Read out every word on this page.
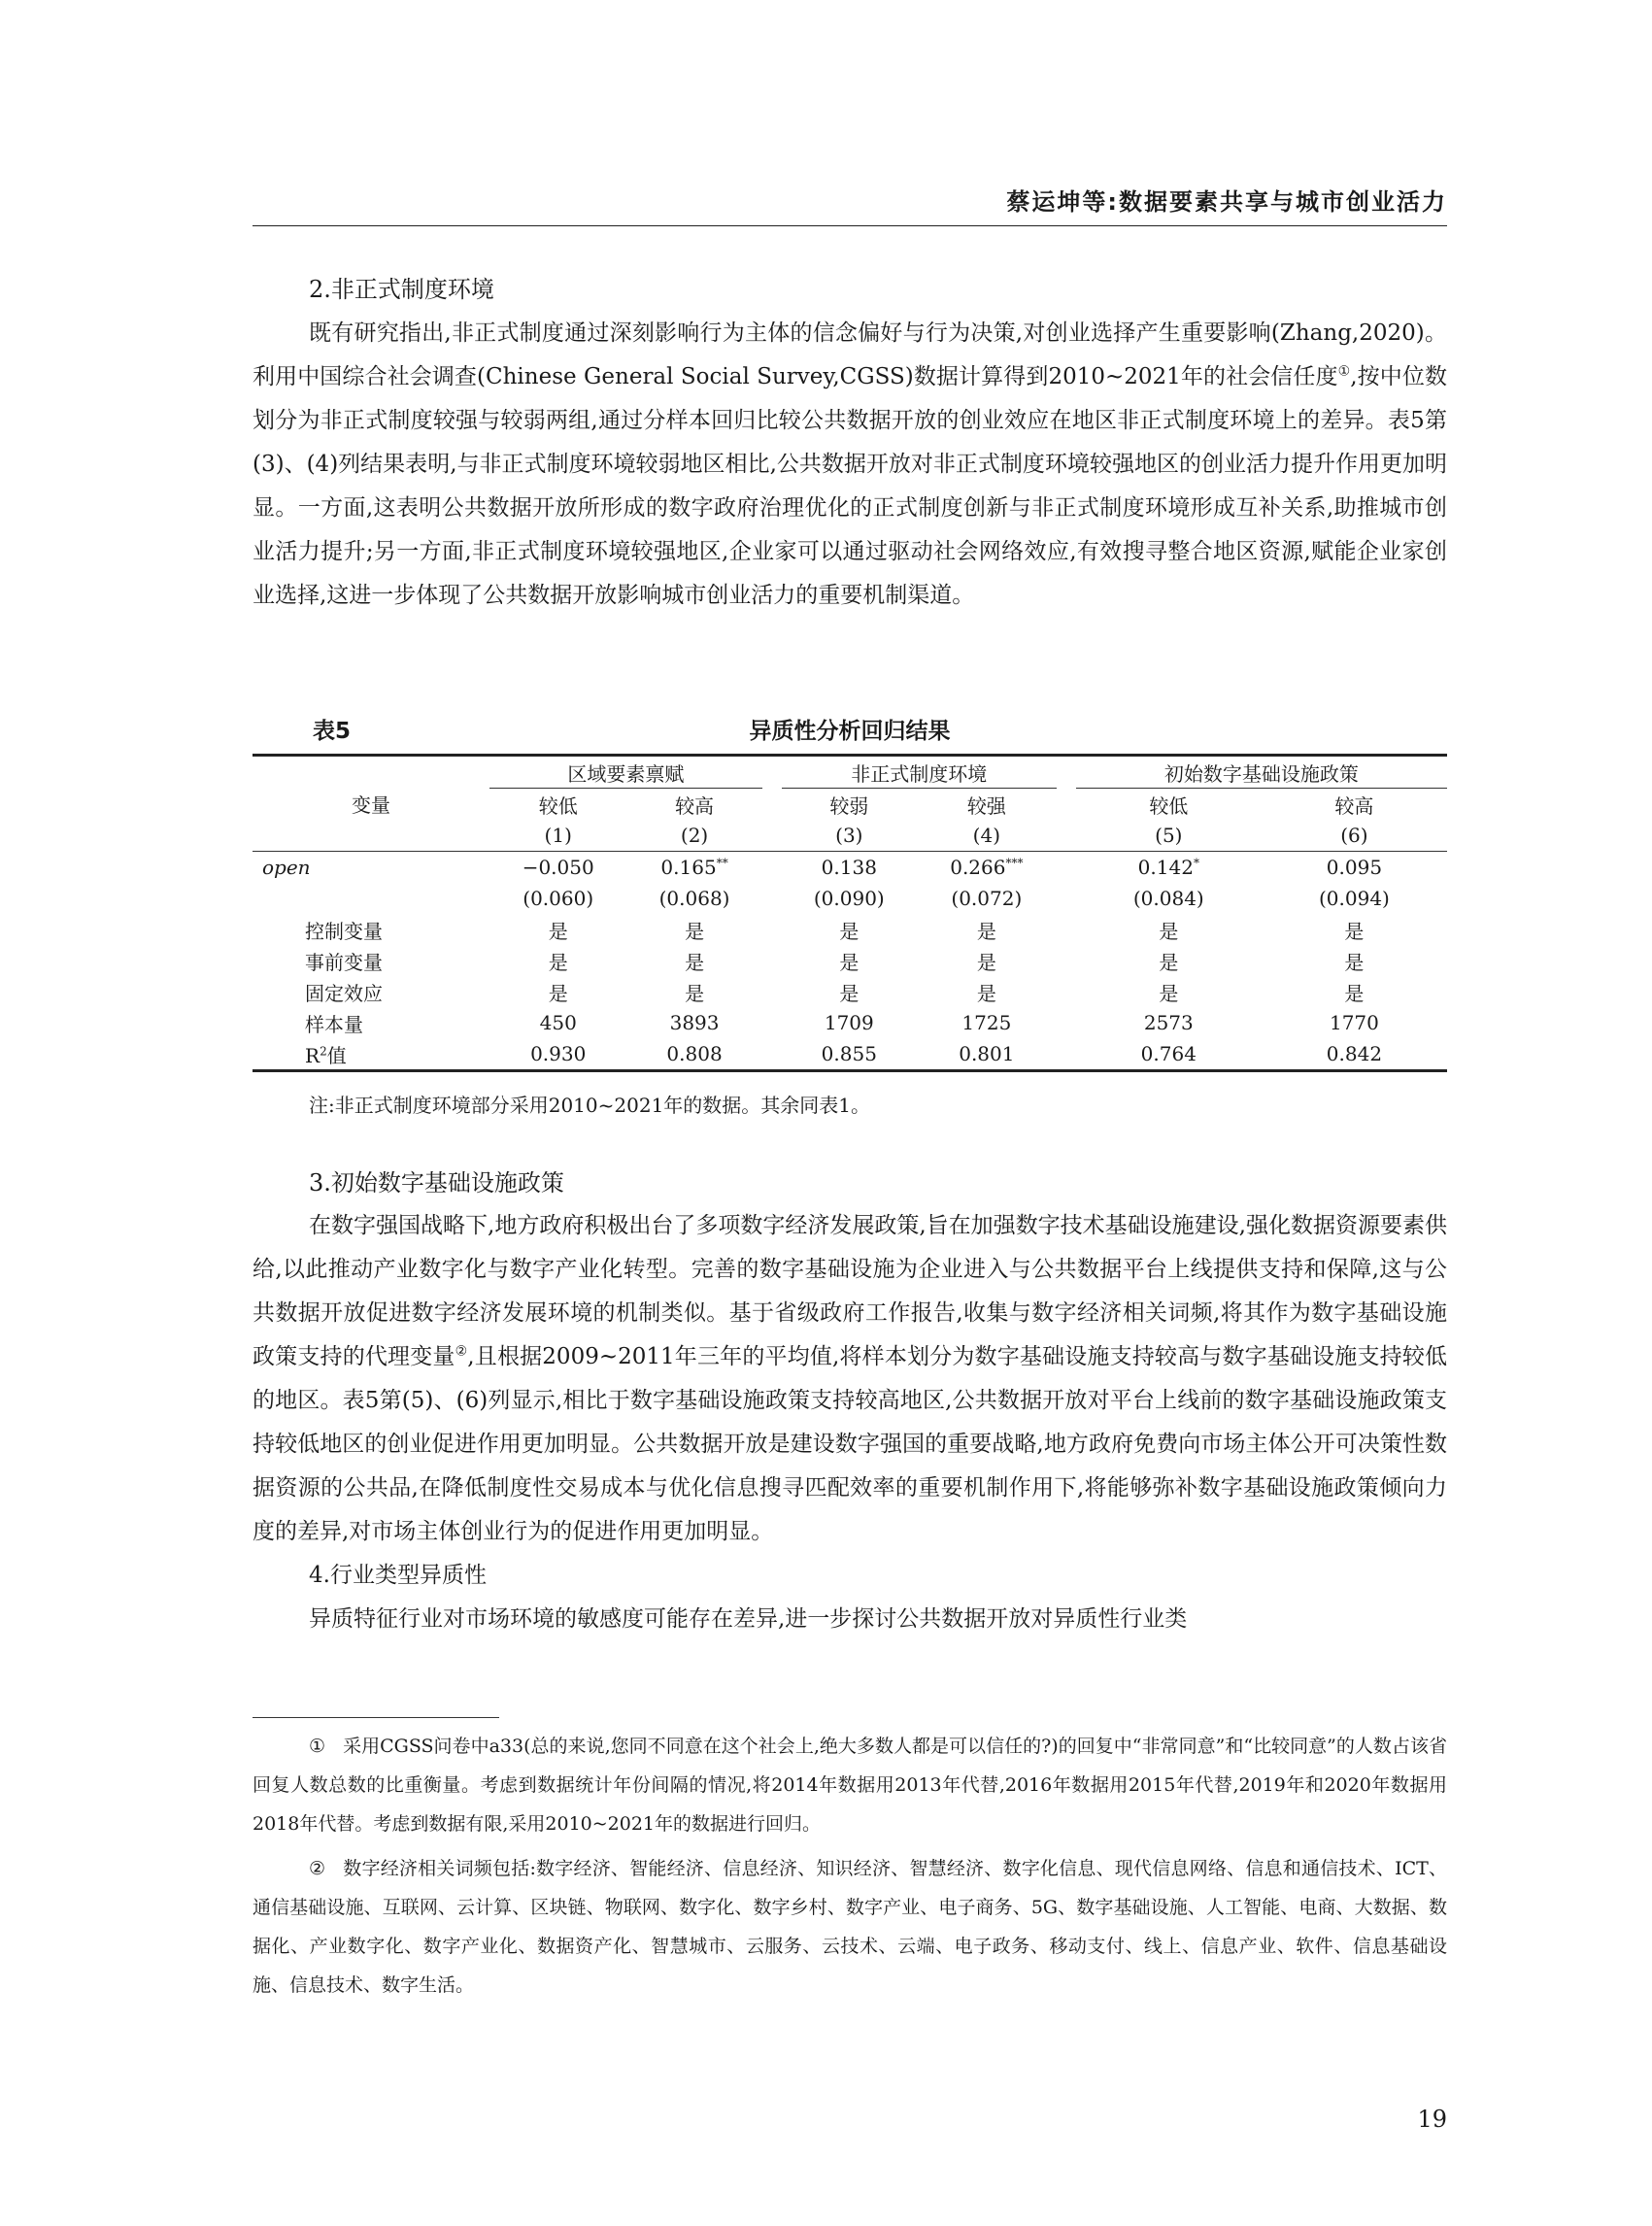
蔡运坤等:数据要素共享与城市创业活力
2.非正式制度环境

既有研究指出,非正式制度通过深刻影响行为主体的信念偏好与行为决策,对创业选择产生重要影响(Zhang,2020)。利用中国综合社会调查(Chinese General Social Survey,CGSS)数据计算得到2010~2021年的社会信任度①,按中位数划分为非正式制度较强与较弱两组,通过分样本回归比较公共数据开放的创业效应在地区非正式制度环境上的差异。表5第(3)、(4)列结果表明,与非正式制度环境较弱地区相比,公共数据开放对非正式制度环境较强地区的创业活力提升作用更加明显。一方面,这表明公共数据开放所形成的数字政府治理优化的正式制度创新与非正式制度环境形成互补关系,助推城市创业活力提升;另一方面,非正式制度环境较强地区,企业家可以通过驱动社会网络效应,有效搜寻整合地区资源,赋能企业家创业选择,这进一步体现了公共数据开放影响城市创业活力的重要机制渠道。

表5	异质性分析回归结果

	区域要素禀赋			非正式制度环境			初始数字基础设施政策	
变量	较低	较高		较弱	较强		较低	较高
	(1)	(2)		(3)	(4)		(5)	(6)
open	−0.050	0.165**		0.138	0.266***		0.142*	0.095
	(0.060)	(0.068)		(0.090)	(0.072)		(0.084)	(0.094)
控制变量	是	是		是	是		是	是
事前变量	是	是		是	是		是	是
固定效应	是	是		是	是		是	是
样本量	450	3893		1709	1725		2573	1770
$R^2$值	0.930	0.808		0.855	0.801		0.764	0.842

注:非正式制度环境部分采用2010~2021年的数据。其余同表1。
3.初始数字基础设施政策

在数字强国战略下,地方政府积极出台了多项数字经济发展政策,旨在加强数字技术基础设施建设,强化数据资源要素供给,以此推动产业数字化与数字产业化转型。完善的数字基础设施为企业进入与公共数据平台上线提供支持和保障,这与公共数据开放促进数字经济发展环境的机制类似。基于省级政府工作报告,收集与数字经济相关词频,将其作为数字基础设施政策支持的代理变量②,且根据2009~2011年三年的平均值,将样本划分为数字基础设施支持较高与数字基础设施支持较低的地区。表5第(5)、(6)列显示,相比于数字基础设施政策支持较高地区,公共数据开放对平台上线前的数字基础设施政策支持较低地区的创业促进作用更加明显。公共数据开放是建设数字强国的重要战略,地方政府免费向市场主体公开可决策性数据资源的公共品,在降低制度性交易成本与优化信息搜寻匹配效率的重要机制作用下,将能够弥补数字基础设施政策倾向力度的差异,对市场主体创业行为的促进作用更加明显。

4.行业类型异质性

异质特征行业对市场环境的敏感度可能存在差异,进一步探讨公共数据开放对异质性行业类

① 采用CGSS问卷中a33(总的来说,您同不同意在这个社会上,绝大多数人都是可以信任的?)的回复中“非常同意”和“比较同意”的人数占该省回复人数总数的比重衡量。考虑到数据统计年份间隔的情况,将2014年数据用2013年代替,2016年数据用2015年代替,2019年和2020年数据用2018年代替。考虑到数据有限,采用2010~2021年的数据进行回归。

② 数字经济相关词频包括:数字经济、智能经济、信息经济、知识经济、智慧经济、数字化信息、现代信息网络、信息和通信技术、ICT、通信基础设施、互联网、云计算、区块链、物联网、数字化、数字乡村、数字产业、电子商务、5G、数字基础设施、人工智能、电商、大数据、数据化、产业数字化、数字产业化、数据资产化、智慧城市、云服务、云技术、云端、电子政务、移动支付、线上、信息产业、软件、信息基础设施、信息技术、数字生活。

19
